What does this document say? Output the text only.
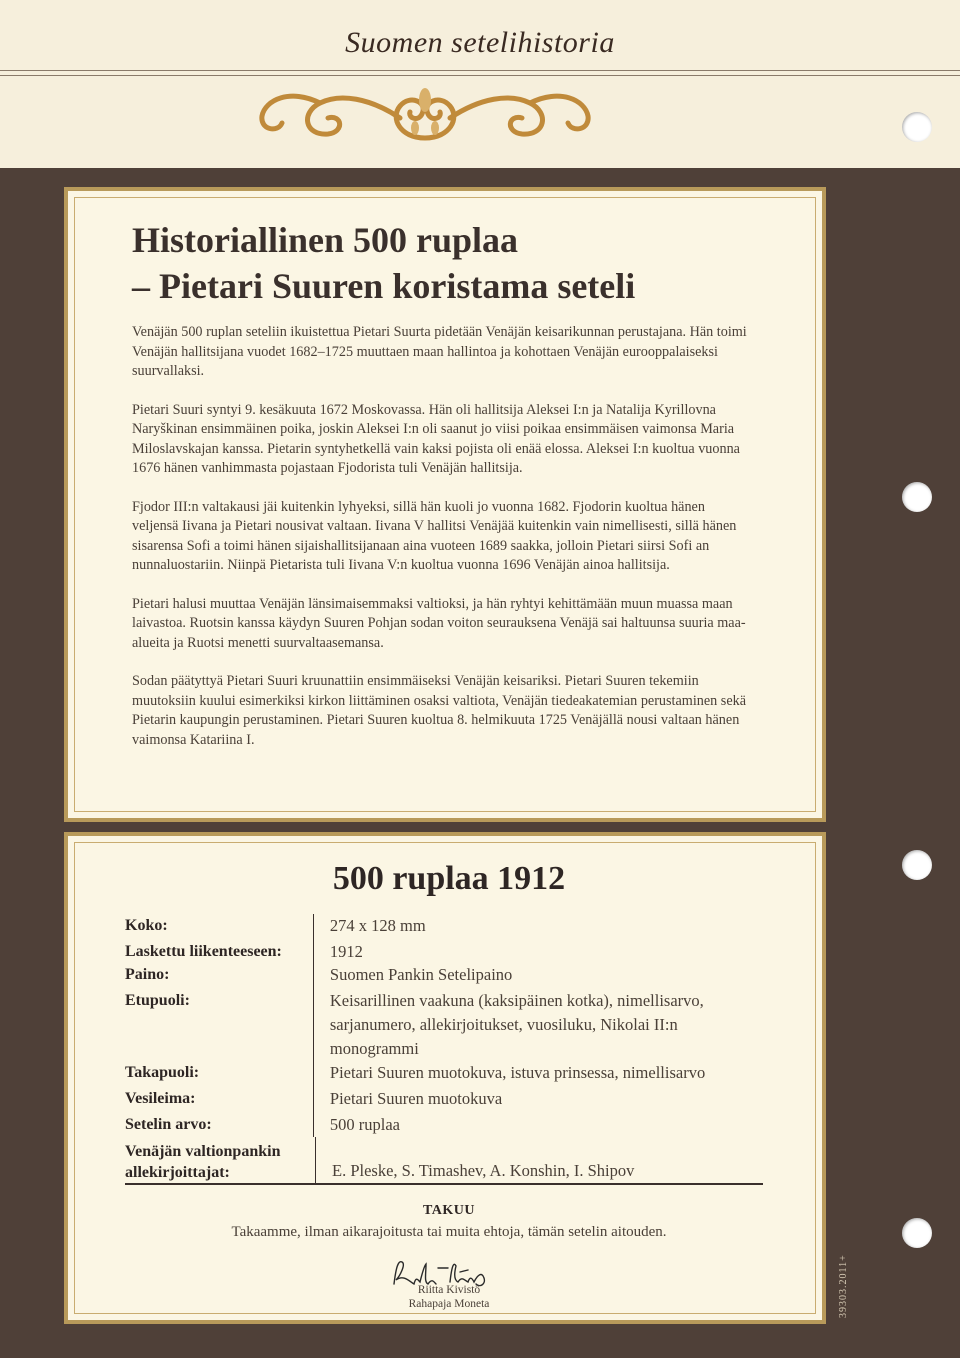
Suomen setelihistoria
Historiallinen 500 ruplaa
– Pietari Suuren koristama seteli

Venäjän 500 ruplan seteliin ikuistettua Pietari Suurta pidetään Venäjän keisarikunnan perustajana. Hän toimi Venäjän hallitsijana vuodet 1682–1725 muuttaen maan hallintoa ja kohottaen Venäjän eurooppalaiseksi suurvallaksi.

Pietari Suuri syntyi 9. kesäkuuta 1672 Moskovassa. Hän oli hallitsija Aleksei I:n ja Natalija Kyrillovna Naryškinan ensimmäinen poika, joskin Aleksei I:n oli saanut jo viisi poikaa ensimmäisen vaimonsa Maria Miloslavskajan kanssa. Pietarin syntyhetkellä vain kaksi pojista oli enää elossa. Aleksei I:n kuoltua vuonna 1676 hänen vanhimmasta pojastaan Fjodorista tuli Venäjän hallitsija.

Fjodor III:n valtakausi jäi kuitenkin lyhyeksi, sillä hän kuoli jo vuonna 1682. Fjodorin kuoltua hänen veljensä Iivana ja Pietari nousivat valtaan. Iivana V hallitsi Venäjää kuitenkin vain nimellisesti, sillä hänen sisarensa Sofi a toimi hänen sijaishallitsijanaan aina vuoteen 1689 saakka, jolloin Pietari siirsi Sofi an nunnaluostariin. Niinpä Pietarista tuli Iivana V:n kuoltua vuonna 1696 Venäjän ainoa hallitsija.

Pietari halusi muuttaa Venäjän länsimaisemmaksi valtioksi, ja hän ryhtyi kehittämään muun muassa maan laivastoa. Ruotsin kanssa käydyn Suuren Pohjan sodan voiton seurauksena Venäjä sai haltuunsa suuria maa-alueita ja Ruotsi menetti suurvaltaasemansa.

Sodan päätyttyä Pietari Suuri kruunattiin ensimmäiseksi Venäjän keisariksi. Pietari Suuren tekemiin muutoksiin kuului esimerkiksi kirkon liittäminen osaksi valtiota, Venäjän tiedeakatemian perustaminen sekä Pietarin kaupungin perustaminen. Pietari Suuren kuoltua 8. helmikuuta 1725 Venäjällä nousi valtaan hänen vaimonsa Katariina I.

500 ruplaa 1912
Koko:	274 x 128 mm
Laskettu liikenteeseen:	1912
Paino:	Suomen Pankin Setelipaino
Etupuoli:	Keisarillinen vaakuna (kaksipäinen kotka), nimellisarvo, sarjanumero, allekirjoitukset, vuosiluku, Nikolai II:n monogrammi
Takapuoli:	Pietari Suuren muotokuva, istuva prinsessa, nimellisarvo
Vesileima:	Pietari Suuren muotokuva
Setelin arvo:	500 ruplaa
Venäjän valtionpankin allekirjoittajat:	E. Pleske, S. Timashev, A. Konshin, I. Shipov
TAKUU
Takaamme, ilman aikarajoitusta tai muita ehtoja, tämän setelin aitouden.
Riitta Kivistö
Rahapaja Moneta	39303.2011+
